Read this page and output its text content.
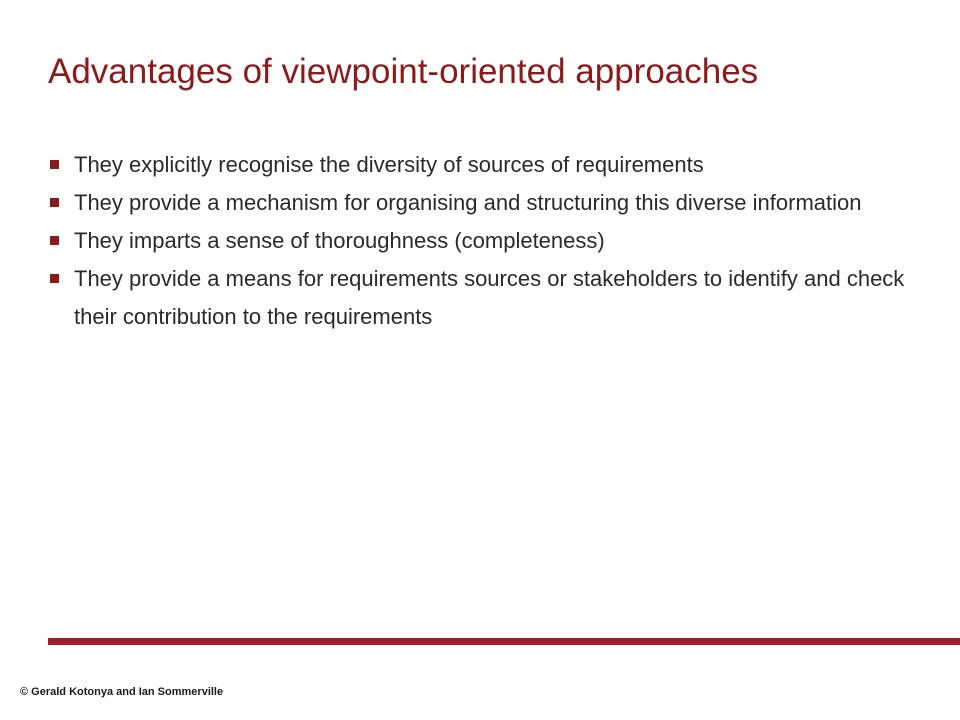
Advantages of viewpoint-oriented approaches
They explicitly recognise the diversity of sources of requirements
They provide a mechanism for organising and structuring this diverse information
They imparts a sense of thoroughness (completeness)
They provide a means for requirements sources or stakeholders to identify and check their contribution to the requirements
© Gerald Kotonya and Ian Sommerville
